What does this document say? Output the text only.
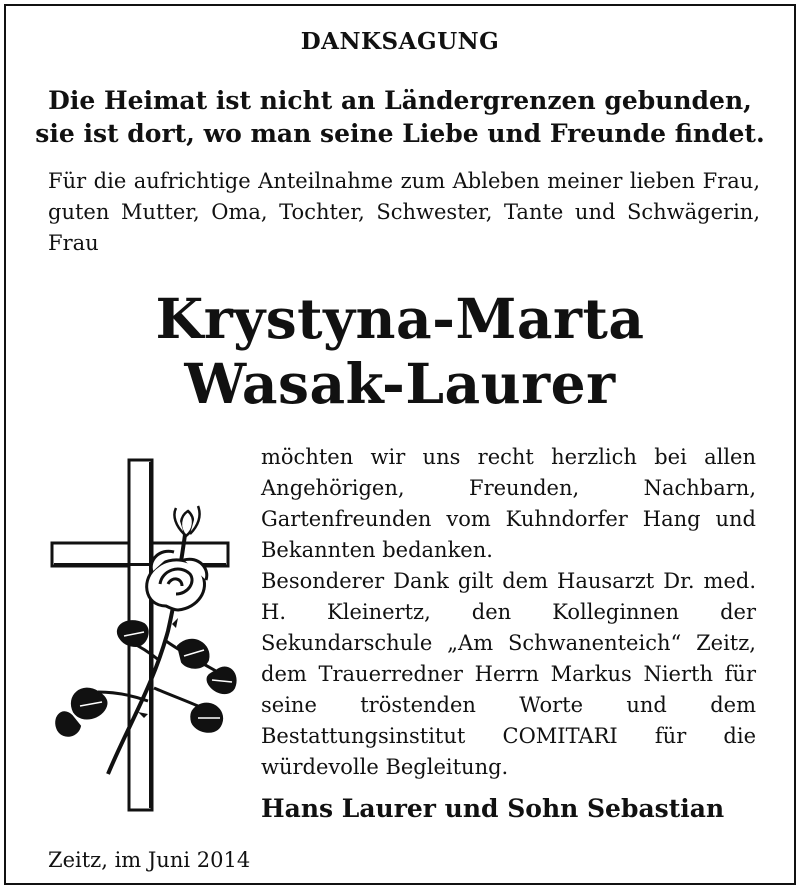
DANKSAGUNG
Die Heimat ist nicht an Ländergrenzen gebunden,
sie ist dort, wo man seine Liebe und Freunde findet.
Für die aufrichtige Anteilnahme zum Ableben meiner lieben Frau, guten Mutter, Oma, Tochter, Schwester, Tante und Schwägerin, Frau
Krystyna-Marta
Wasak-Laurer

möchten wir uns recht herzlich bei allen Angehörigen, Freunden, Nachbarn, Gartenfreunden vom Kuhndorfer Hang und Bekannten bedanken.

Besonderer Dank gilt dem Hausarzt Dr. med. H. Kleinertz, den Kolleginnen der Sekundarschule „Am Schwanenteich“ Zeitz, dem Trauerredner Herrn Markus Nierth für seine tröstenden Worte und dem Bestattungsinstitut COMITARI für die würdevolle Begleitung.

Hans Laurer und Sohn Sebastian
Zeitz, im Juni 2014
